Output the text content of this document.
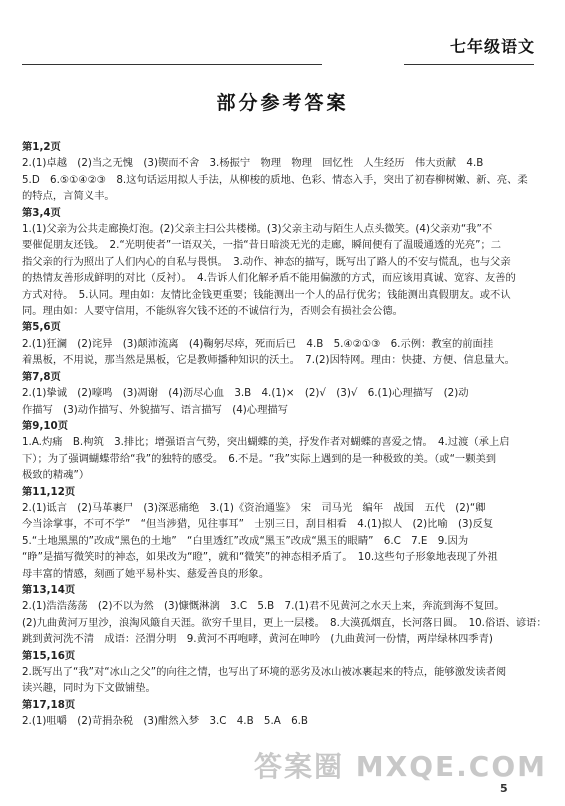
七年级语文
部分参考答案

第1,2页

2.(1)卓越　(2)当之无愧　(3)锲而不舍　3.杨振宁　物理　物理　回忆性　人生经历　伟大贡献　4.B

5.D　6.⑤①④②③　8.这句话运用拟人手法，从柳梭的质地、色彩、情态入手，突出了初春柳树嫩、新、亮、柔

的特点，言简义丰。

第3,4页

1.(1)父亲为公共走廊换灯泡。(2)父亲主扫公共楼梯。(3)父亲主动与陌生人点头微笑。(4)父亲劝“我”不

要催促朋友还钱。　2.“光明使者”一语双关，一指“昔日暗淡无光的走廊，瞬间便有了温暖通透的光亮”；二

指父亲的行为照出了人们内心的自私与畏惧。　3.动作、神态的描写，既写出了路人的不安与慌乱，也与父亲

的热情友善形成鲜明的对比（反衬）。　4.告诉人们化解矛盾不能用偏激的方式，而应该用真诚、宽容、友善的

方式对待。　5.认同。理由如：友情比金钱更重要；钱能测出一个人的品行优劣；钱能测出真假朋友。或不认

同。理由如：人要守信用，不能纵容欠钱不还的不诚信行为，否则会有损社会公德。

第5,6页

2.(1)狂澜　(2)诧异　(3)颠沛流离　(4)鞠躬尽瘁，死而后已　4.B　5.④②①③　6.示例：教室的前面挂

着黑板，不用说，那当然是黑板，它是教师播种知识的沃土。　7.(2)因特网。理由：快捷、方便、信息量大。

第7,8页

2.(1)挚诚　(2)嚎鸣　(3)凋谢　(4)沥尽心血　3.B　4.(1)×　(2)√　(3)√　6.(1)心理描写　(2)动

作描写　(3)动作描写、外貌描写、语言描写　(4)心理描写

第9,10页

1.A.灼痛　B.枸筑　3.排比；增强语言气势，突出蝴蝶的美，抒发作者对蝴蝶的喜爱之情。　4.过渡（承上启

下）；为了强调蝴蝶带给“我”的独特的感受。　6.不是。“我”实际上遇到的是一种极致的美。（或“一颗美到

极致的精魂”）

第11,12页

2.(1)诋言　(2)马革裹尸　(3)深恶痛绝　3.(1)《资治通鉴》　宋　司马光　编年　战国　五代　(2)“卿

今当涂掌事，不可不学”　“但当涉猎，见往事耳”　士别三日，刮目相看　4.(1)拟人　(2)比喻　(3)反复

5.“土地黑黑的”改成“黑色的土地”　“白里透红”改成“黑玉”改成“黑玉的眼睛”　6.C　7.E　9.因为

“睁”是描写微笑时的神态，如果改为“瞪”，就和“微笑”的神态相矛盾了。　10.这些句子形象地表现了外祖

母丰富的情感，刻画了她平易朴实、慈爱善良的形象。

第13,14页

2.(1)浩浩荡荡　(2)不以为然　(3)慷慨淋漓　3.C　5.B　7.(1)君不见黄河之水天上来，奔流到海不复回。

(2)九曲黄河万里沙，浪淘风簸自天涯。欲穷千里目，更上一层楼。　8.大漠孤烟直，长河落日圆。　10.俗语、谚语：

跳到黄河洗不清　成语：泾渭分明　9.黄河不再咆哮，黄河在呻吟　(九曲黄河一份情，两岸绿林四季青)

第15,16页

2.既写出了“我”对“冰山之父”的向往之情，也写出了环境的恶劣及冰山被冰裹起来的特点，能够激发读者阅

读兴趣，同时为下文做铺垫。

第17,18页

2.(1)咀嚼　(2)苛捐杂税　(3)酣然入梦　3.C　4.B　5.A　6.B

答案圈 MXQE.COM
5
